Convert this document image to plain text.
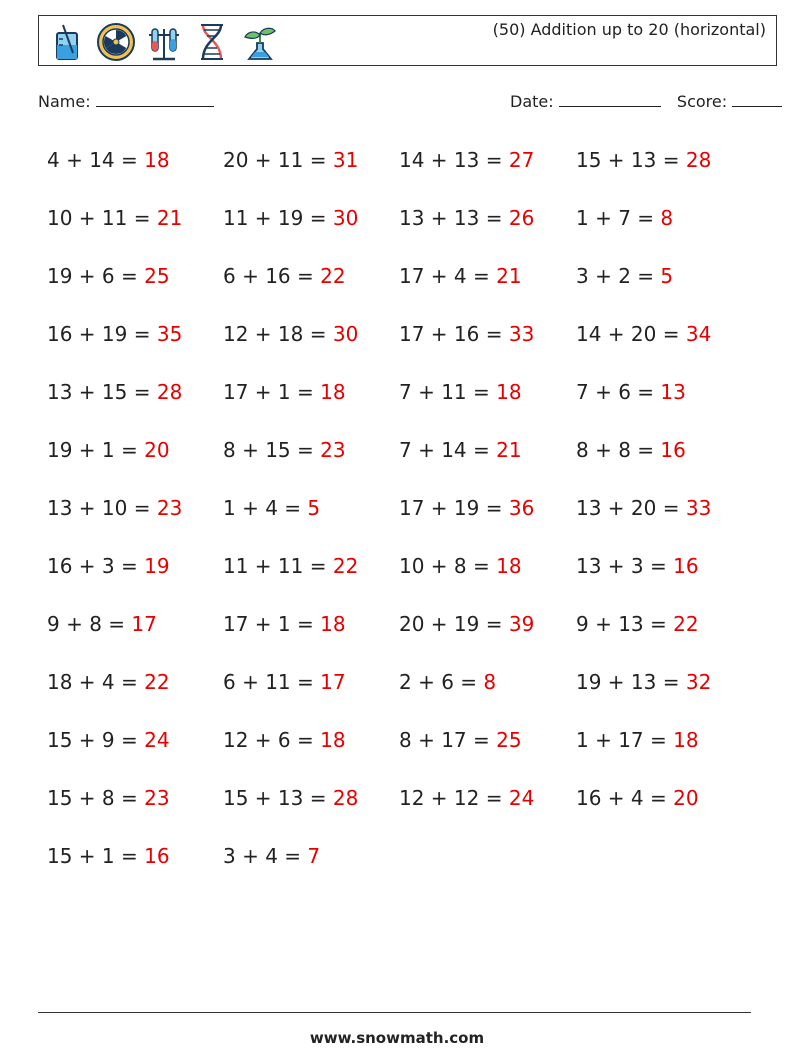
(50) Addition up to 20 (horizontal)
Name:	Date:	Score:
4 + 14 = 18	20 + 11 = 31 14 + 13 = 27 15 + 13 = 28
10 + 11 = 21 11 + 19 = 30 13 + 13 = 26 1 + 7 = 8
19 + 6 = 25	6 + 16 = 22	17 + 4 = 21	3 + 2 = 5
16 + 19 = 35 12 + 18 = 30 17 + 16 = 33 14 + 20 = 34
13 + 15 = 28 17 + 1 = 18	7 + 11 = 18	7 + 6 = 13
19 + 1 = 20	8 + 15 = 23	7 + 14 = 21	8 + 8 = 16
13 + 10 = 23 1 + 4 = 5	17 + 19 = 36 13 + 20 = 33
16 + 3 = 19	11 + 11 = 22 10 + 8 = 18	13 + 3 = 16
9 + 8 = 17	17 + 1 = 18	20 + 19 = 39 9 + 13 = 22
18 + 4 = 22	6 + 11 = 17	2 + 6 = 8	19 + 13 = 32
15 + 9 = 24	12 + 6 = 18	8 + 17 = 25	1 + 17 = 18
15 + 8 = 23	15 + 13 = 28 12 + 12 = 24 16 + 4 = 20
15 + 1 = 16	3 + 4 = 7
www.snowmath.com
